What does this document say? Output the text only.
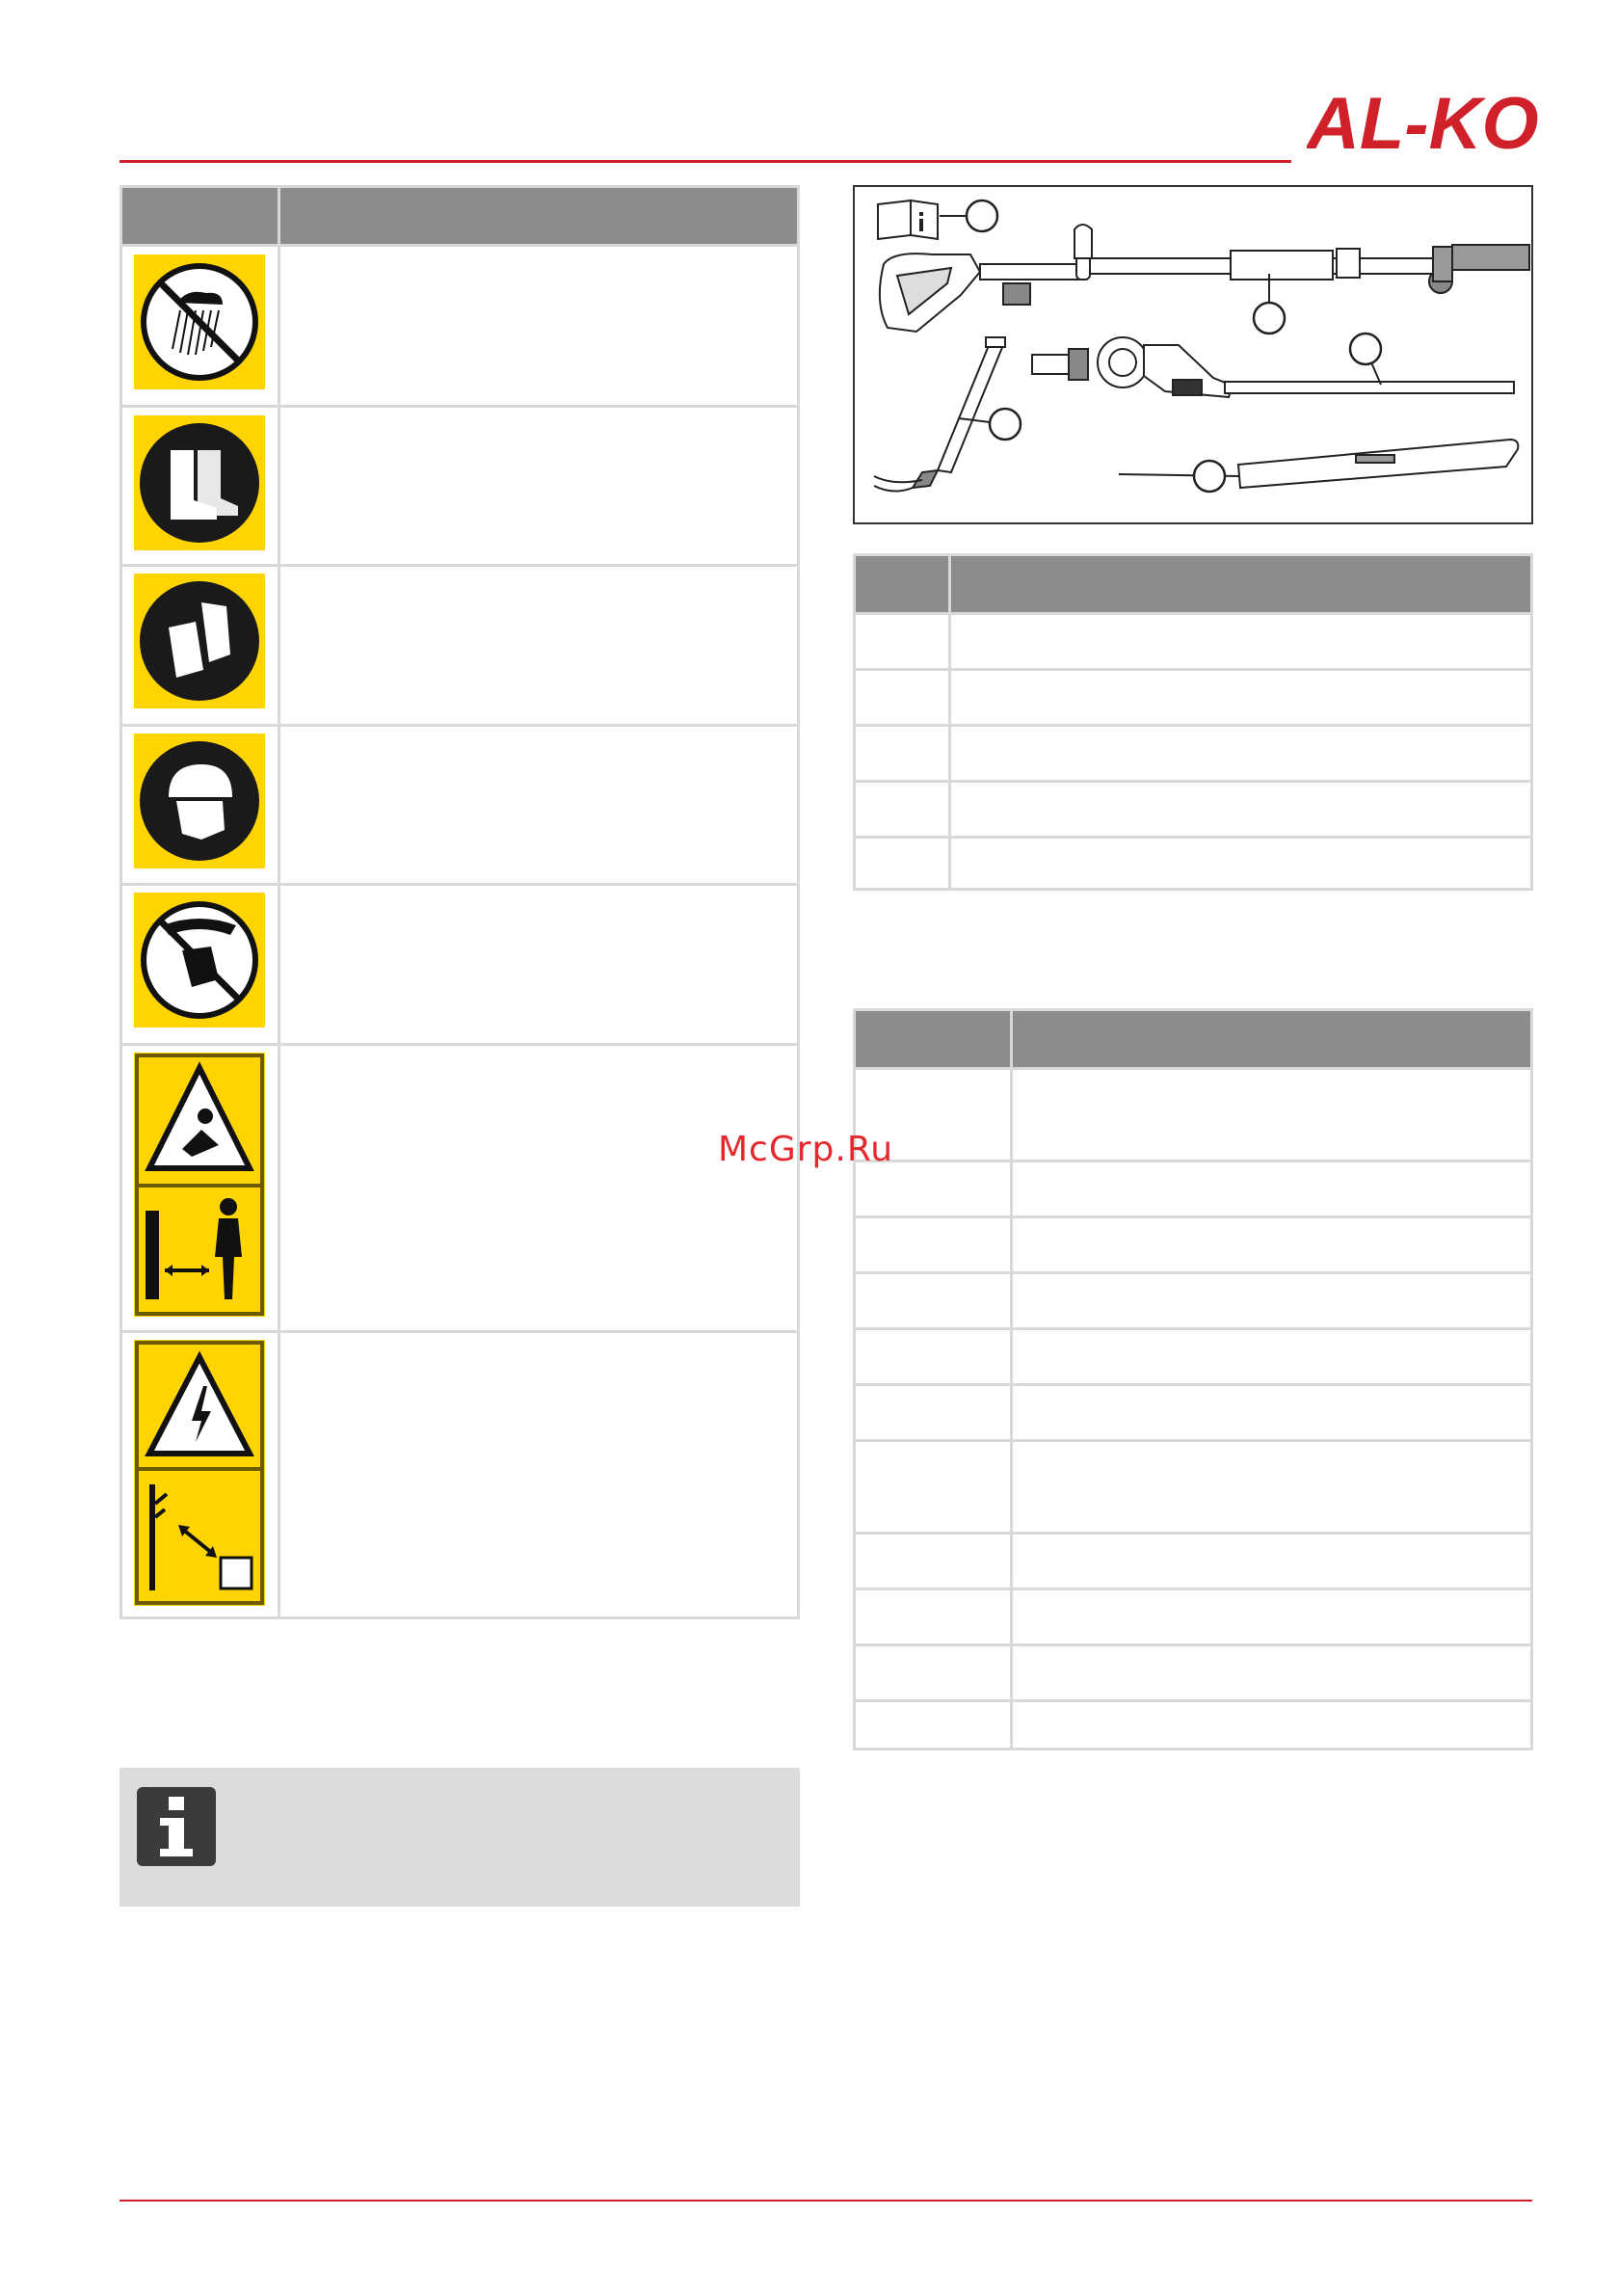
AL-KO
McGrp.Ru
